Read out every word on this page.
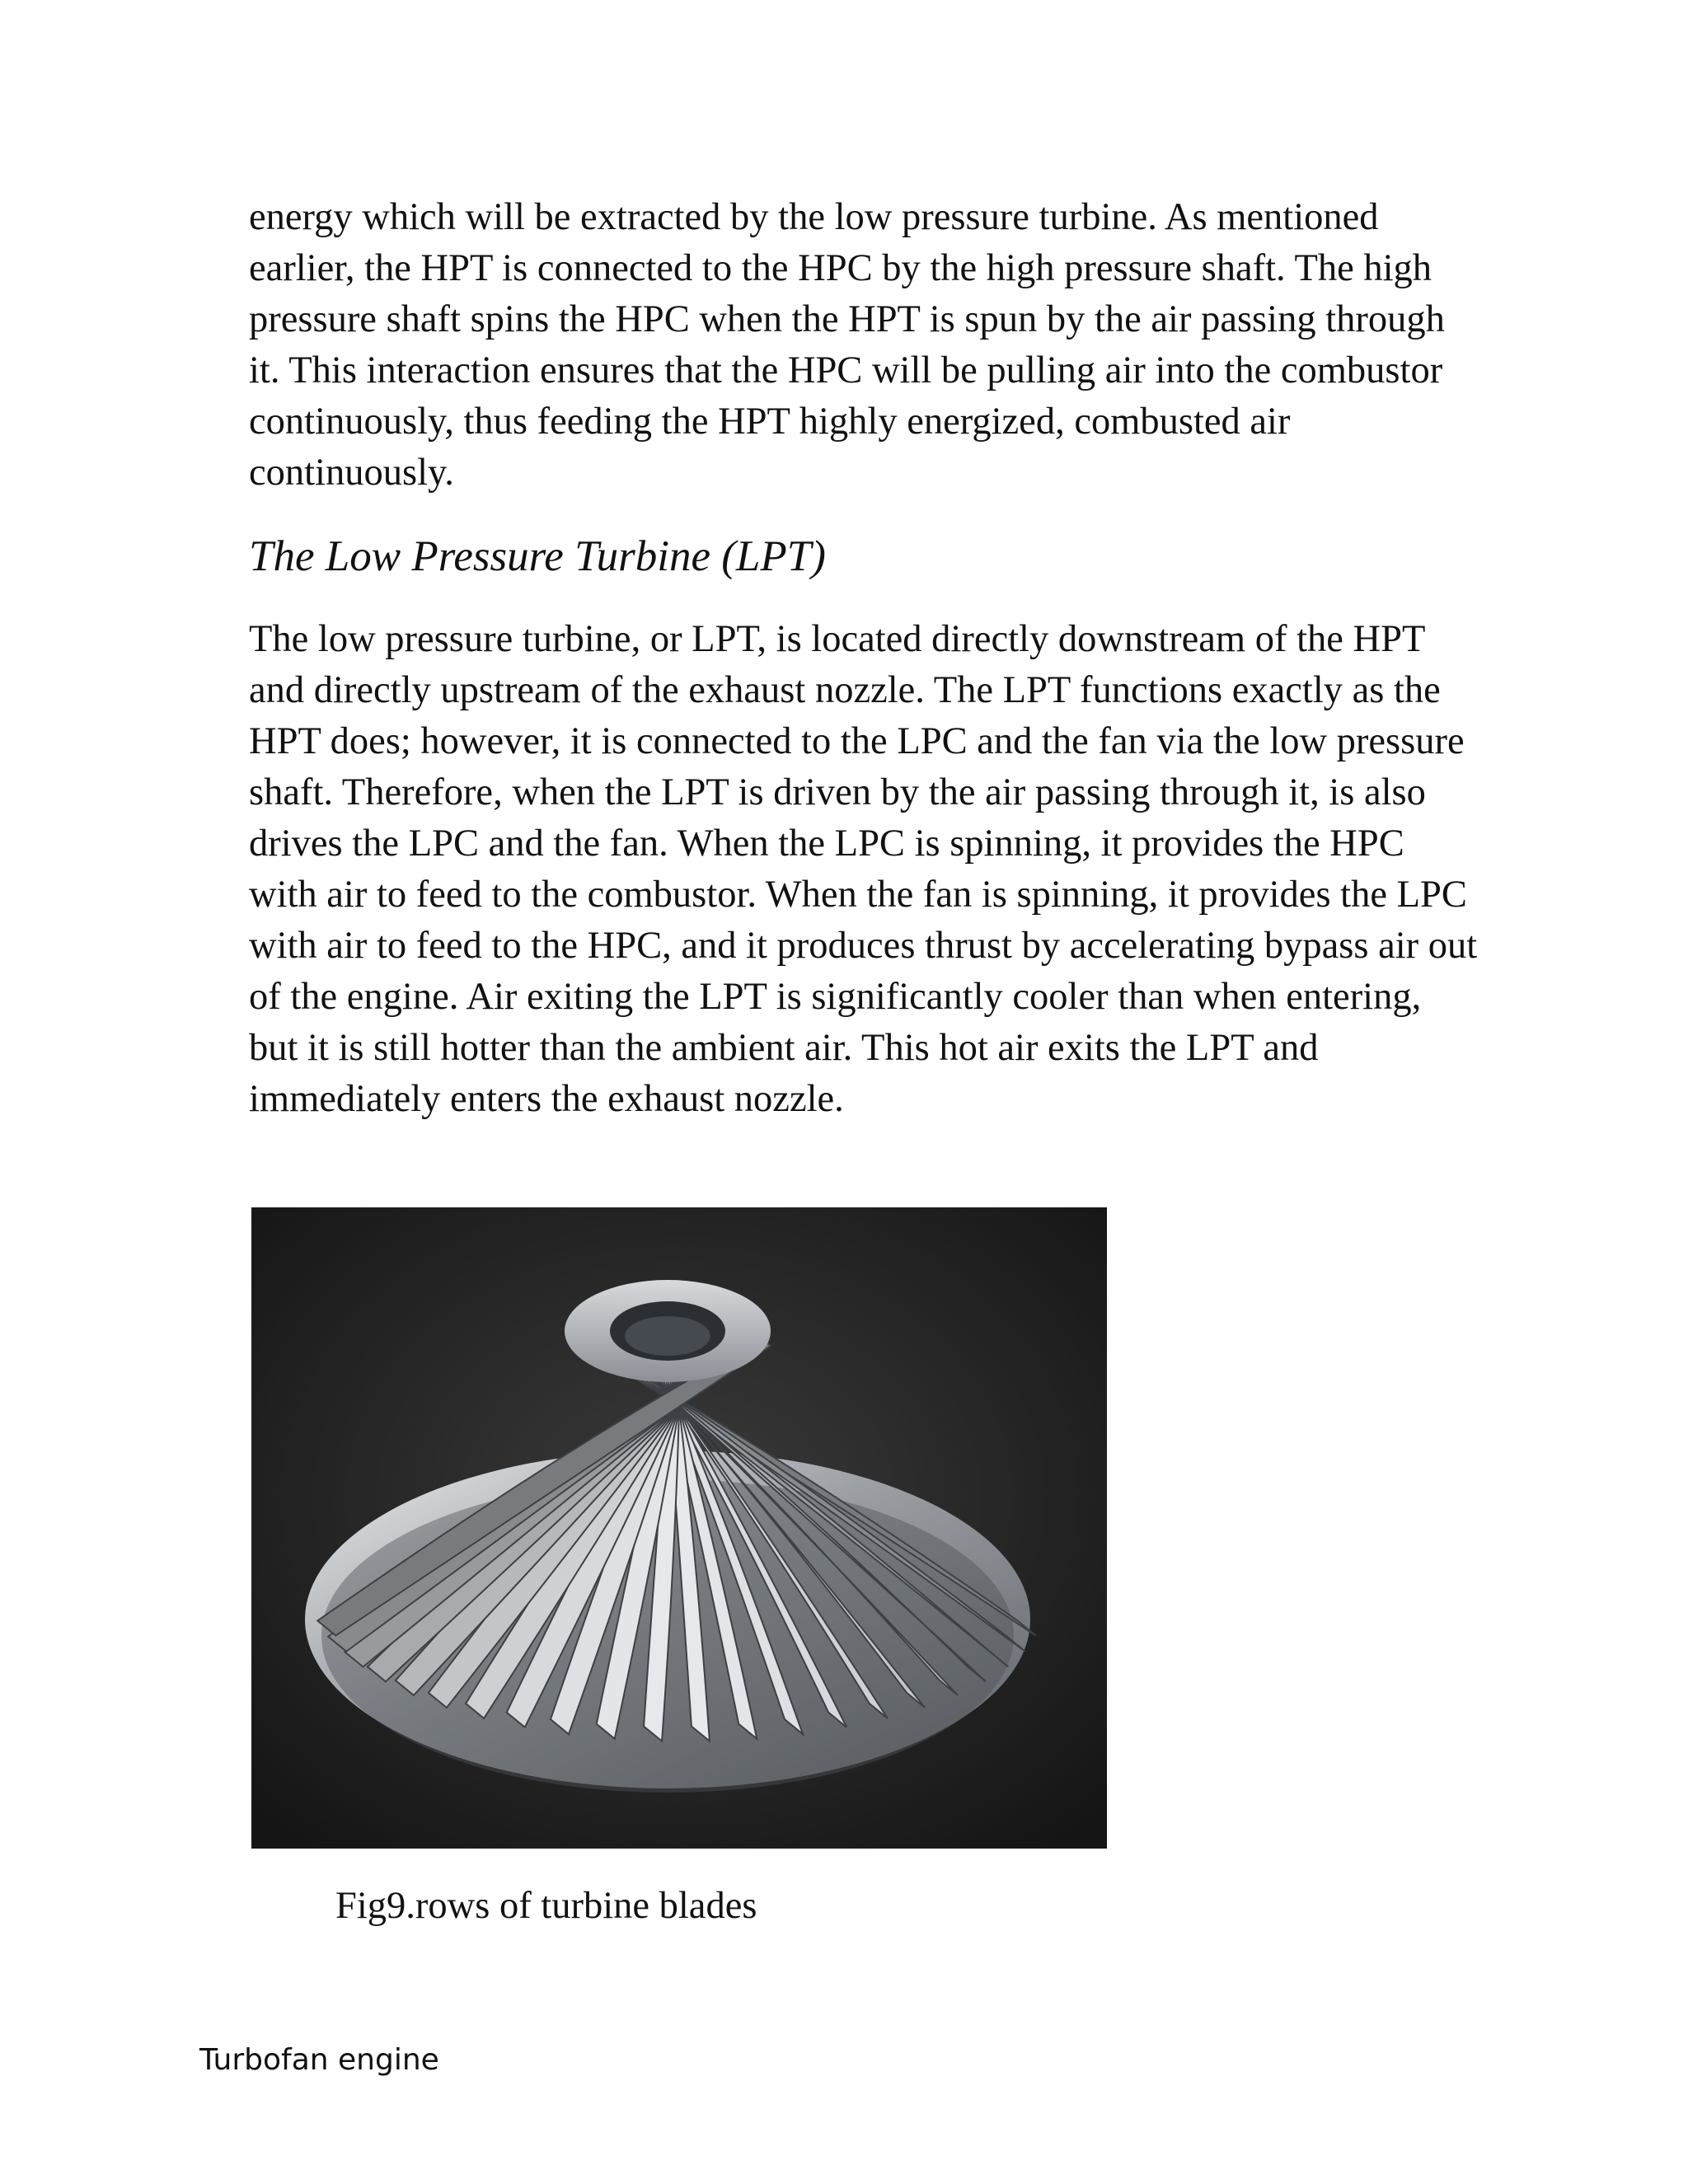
energy which will be extracted by the low pressure turbine. As mentioned
earlier, the HPT is connected to the HPC by the high pressure shaft. The high
pressure shaft spins the HPC when the HPT is spun by the air passing through
it. This interaction ensures that the HPC will be pulling air into the combustor
continuously, thus feeding the HPT highly energized, combusted air
continuously.
The Low Pressure Turbine (LPT)
The low pressure turbine, or LPT, is located directly downstream of the HPT
and directly upstream of the exhaust nozzle. The LPT functions exactly as the
HPT does; however, it is connected to the LPC and the fan via the low pressure
shaft. Therefore, when the LPT is driven by the air passing through it, is also
drives the LPC and the fan. When the LPC is spinning, it provides the HPC
with air to feed to the combustor. When the fan is spinning, it provides the LPC
with air to feed to the HPC, and it produces thrust by accelerating bypass air out
of the engine. Air exiting the LPT is significantly cooler than when entering,
but it is still hotter than the ambient air. This hot air exits the LPT and
immediately enters the exhaust nozzle.

Fig9.rows of turbine blades

Turbofan engine
